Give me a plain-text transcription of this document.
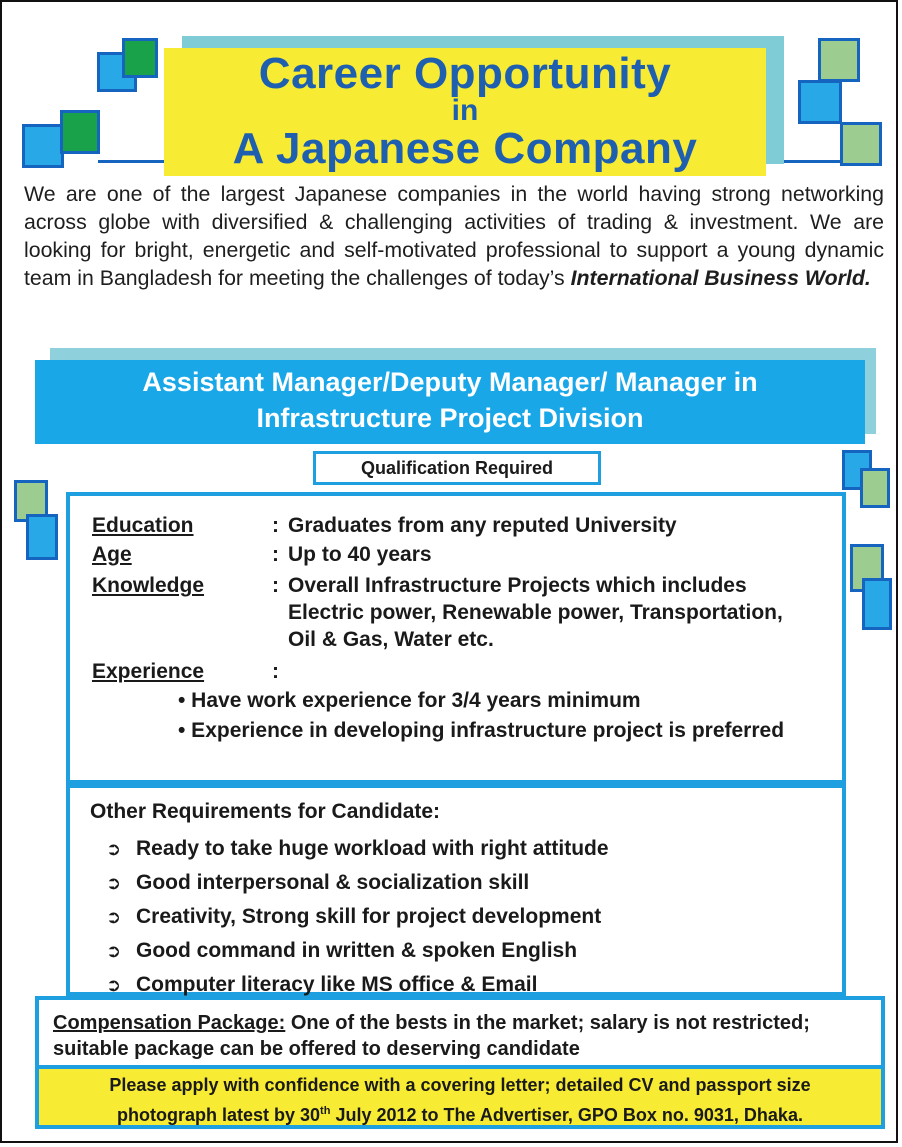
Career Opportunity
in
A Japanese Company
We are one of the largest Japanese companies in the world having strong networking across globe with diversified & challenging activities of trading & investment. We are looking for bright, energetic and self-motivated professional to support a young dynamic team in Bangladesh for meeting the challenges of today’s International Business World.
Assistant Manager/Deputy Manager/ Manager in
Infrastructure Project Division
Education	: Graduates from any reputed University
Age	: Up to 40 years
Knowledge	: Overall Infrastructure Projects which includes Electric power, Renewable power, Transportation, Oil & Gas, Water etc.
Experience	:
• Have work experience for 3/4 years minimum
• Experience in developing infrastructure project is preferred
Qualification Required
Other Requirements for Candidate:
➲ Ready to take huge workload with right attitude
➲ Good interpersonal & socialization skill
➲ Creativity, Strong skill for project development
➲ Good command in written & spoken English
➲ Computer literacy like MS office & Email
Compensation Package: One of the bests in the market; salary is not restricted; suitable package can be offered to deserving candidate
Please apply with confidence with a covering letter; detailed CV and passport size
photograph latest by 30th July 2012 to The Advertiser, GPO Box no. 9031, Dhaka.
